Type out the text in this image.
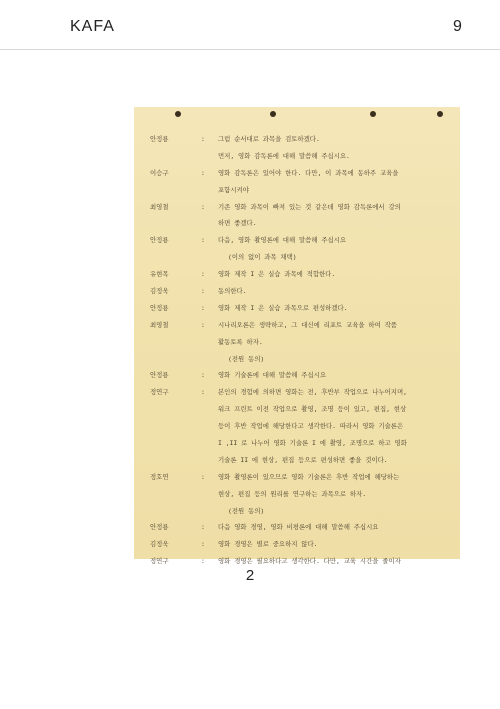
KAFA	9
안정룡	: 그럼 순서대로 과목을 검토하겠다.
먼저, 영화 감독론에 대해 말씀해 주십시요.
이승구	: 영화 감독론은 있어야 한다. 다만, 이 과목에 동하주 교육을
포함시켜야
최영철	: 기존 영화 과목이 빠져 있는 것 같은데 영화 감독론에서 강의
하면 좋겠다.
안정룡	: 다음, 영화 촬영론에 대해 말씀해 주십시요
(이의 없이 과목 채택)
유현목	: 영화 제작 I 은 실습 과목에 적합한다.
김정욱	: 동의한다.
안정룡	: 영화 제작 I 은 실습 과목으로 편성하겠다.
최영철	: 시나리오론은 생략하고, 그 대신에 리포트 교육을 하여 작품
활동토록 하자.
(전원 동의)
안정룡	: 영화 기술론에 대해 말씀해 주십시요
정연구	: 본인의 경험에 의하면 영화는 전, 후반부 작업으로 나누어지며,
워크 프린트 이전 작업으로 촬영, 조명 등이 있고, 편집, 현상
등이 후반 작업에 해당한다고 생각한다. 따라서 영화 기술론은
I ,II 로 나누어 영화 기술론 I 에 촬영, 조명으로 하고 영화
기술론 II 에 현상, 편집 등으로 편성하면 좋을 것이다.
정호연	: 영화 촬영론이 있으므로 영화 기술론은 후반 작업에 해당하는
현상, 편집 등의 원리를 연구하는 과목으로 하자.
(전원 동의)
안정룡	: 다음 영화 경영, 영화 비평론에 대해 말씀해 주십시요
김정욱	: 영화 경영은 별로 중요하지 않다.
정연구	: 영화 경영은 필요하다고 생각한다. 다만, 교육 시간을 줄이자
2
